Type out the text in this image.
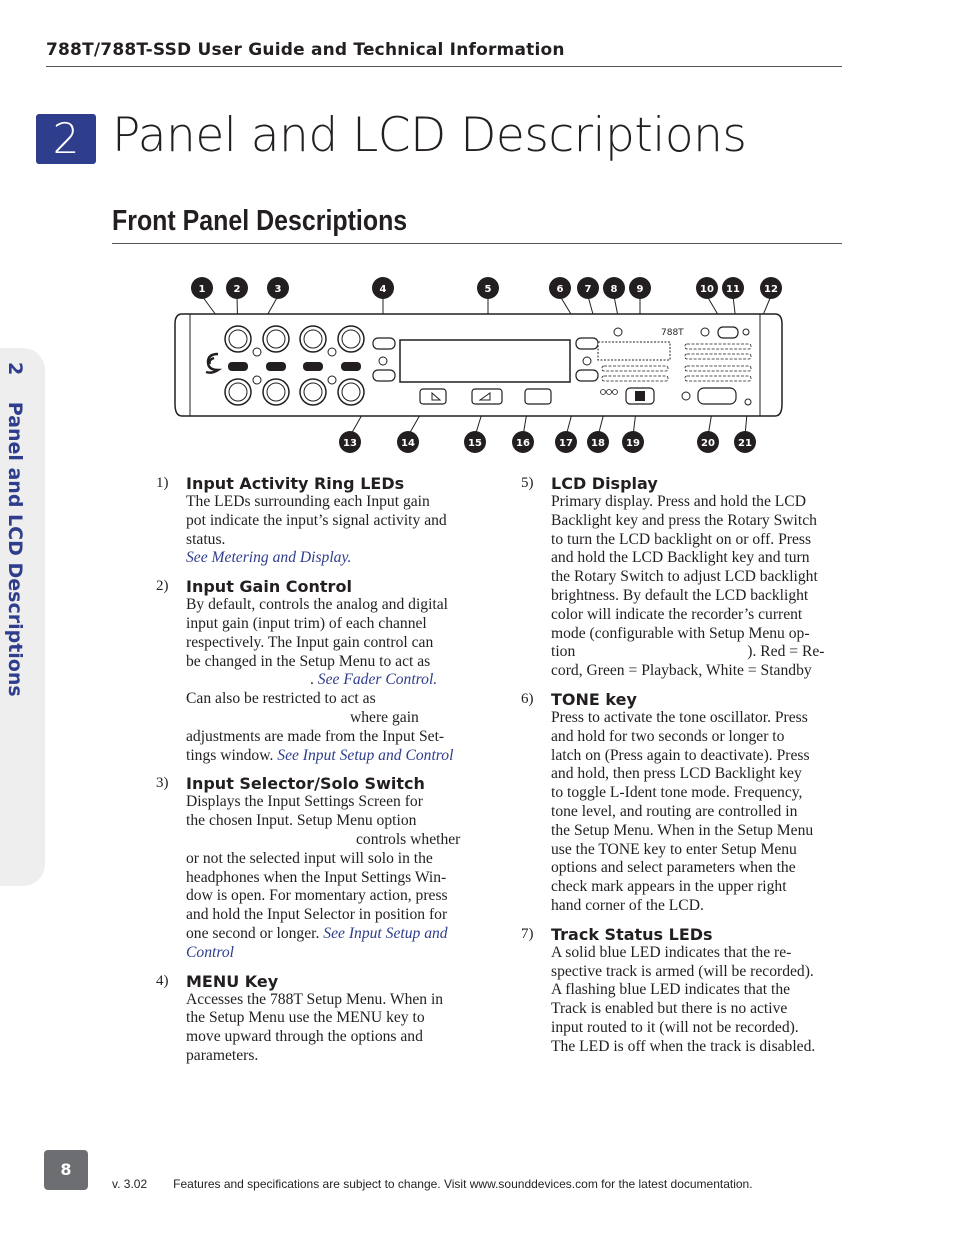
788T/788T-SSD User Guide and Technical Information
2 Panel and LCD Descriptions
Front Panel Descriptions
2    Panel and LCD Descriptions
788T
1	2	3	4	5	6 7 8 9	10 11 12
13	14	15	16	17 18 19	20 21
1) Input Activity Ring LEDs

The LEDs surrounding each Input gain

pot indicate the input’s signal activity and

status.

See Metering and Display.

2) Input Gain Control

By default, controls the analog and digital

input gain (input trim) of each channel

respectively. The Input gain control can

be changed in the Setup Menu to act as

. See Fader Control.

Can also be restricted to act as

where gain

adjustments are made from the Input Set-

tings window. See Input Setup and Control

3) Input Selector/Solo Switch

Displays the Input Settings Screen for

the chosen Input. Setup Menu option

controls whether

or not the selected input will solo in the

headphones when the Input Settings Win-

dow is open. For momentary action, press

and hold the Input Selector in position for

one second or longer. See Input Setup and

Control

4) MENU Key

Accesses the 788T Setup Menu. When in

the Setup Menu use the MENU key to

move upward through the options and

parameters.

5) LCD Display

Primary display. Press and hold the LCD

Backlight key and press the Rotary Switch

to turn the LCD backlight on or off. Press

and hold the LCD Backlight key and turn

the Rotary Switch to adjust LCD backlight

brightness. By default the LCD backlight

color will indicate the recorder’s current

mode (configurable with Setup Menu op-

tion	). Red = Re-

cord, Green = Playback, White = Standby

6) TONE key

Press to activate the tone oscillator. Press

and hold for two seconds or longer to

latch on (Press again to deactivate). Press

and hold, then press LCD Backlight key

to toggle L-Ident tone mode. Frequency,

tone level, and routing are controlled in

the Setup Menu. When in the Setup Menu

use the TONE key to enter Setup Menu

options and select parameters when the

check mark appears in the upper right

hand corner of the LCD.

7) Track Status LEDs

A solid blue LED indicates that the re-

spective track is armed (will be recorded).

A flashing blue LED indicates that the

Track is enabled but there is no active

input routed to it (will not be recorded).

The LED is off when the track is disabled.

8
v. 3.02 Features and specifications are subject to change. Visit www.sounddevices.com for the latest documentation.
